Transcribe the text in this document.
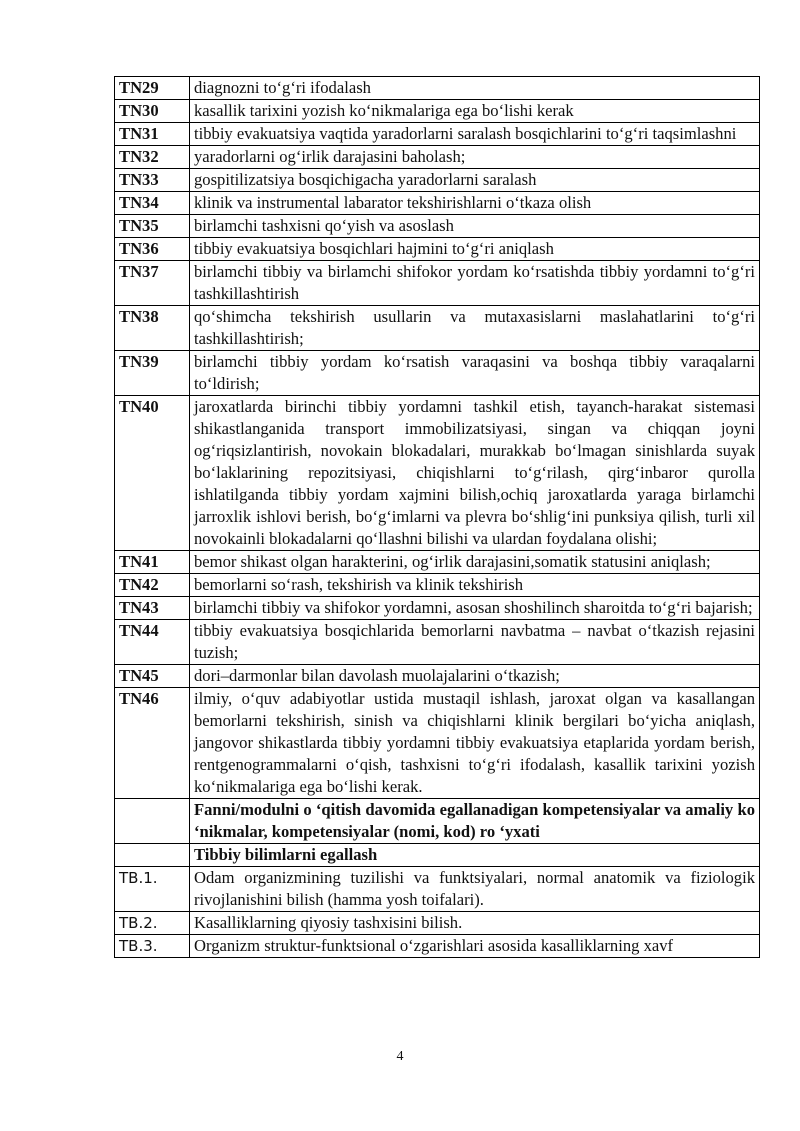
TN29	diagnozni to‘g‘ri ifodalash
TN30	kasallik tarixini yozish ko‘nikmalariga ega bo‘lishi kerak
TN31	tibbiy evakuatsiya vaqtida yaradorlarni saralash bosqichlarini to‘g‘ri taqsimlashni
TN32	yaradorlarni og‘irlik darajasini baholash;
TN33	gospitilizatsiya bosqichigacha yaradorlarni saralash
TN34	klinik va instrumental labarator tekshirishlarni o‘tkaza olish
TN35	birlamchi tashxisni qo‘yish va asoslash
TN36	tibbiy evakuatsiya bosqichlari hajmini to‘g‘ri aniqlash
TN37	birlamchi tibbiy va birlamchi shifokor yordam ko‘rsatishda tibbiy yordamni to‘g‘ri tashkillashtirish
TN38	qo‘shimcha tekshirish usullarin va mutaxasislarni maslahatlarini to‘g‘ri tashkillashtirish;
TN39	birlamchi tibbiy yordam ko‘rsatish varaqasini va boshqa tibbiy varaqalarni to‘ldirish;
TN40	jaroxatlarda birinchi tibbiy yordamni tashkil etish, tayanch-harakat sistemasi shikastlanganida transport immobilizatsiyasi, singan va chiqqan joyni og‘riqsizlantirish, novokain blokadalari, murakkab bo‘lmagan sinishlarda suyak bo‘laklarining repozitsiyasi, chiqishlarni to‘g‘rilash, qirg‘inbaror qurolla ishlatilganda tibbiy yordam xajmini bilish,ochiq jaroxatlarda yaraga birlamchi jarroxlik ishlovi berish, bo‘g‘imlarni va plevra bo‘shlig‘ini punksiya qilish, turli xil novokainli blokadalarni qo‘llashni bilishi va ulardan foydalana olishi;
TN41	bemor shikast olgan harakterini, og‘irlik darajasini,somatik statusini aniqlash;
TN42	bemorlarni so‘rash, tekshirish va klinik tekshirish
TN43	birlamchi tibbiy va shifokor yordamni, asosan shoshilinch sharoitda to‘g‘ri bajarish;
TN44	tibbiy evakuatsiya bosqichlarida bemorlarni navbatma – navbat o‘tkazish rejasini tuzish;
TN45	dori–darmonlar bilan davolash muolajalarini o‘tkazish;
TN46	ilmiy, o‘quv adabiyotlar ustida mustaqil ishlash, jaroxat olgan va kasallangan bemorlarni tekshirish, sinish va chiqishlarni klinik bergilari bo‘yicha aniqlash, jangovor shikastlarda tibbiy yordamni tibbiy evakuatsiya etaplarida yordam berish, rentgenogrammalarni o‘qish, tashxisni to‘g‘ri ifodalash, kasallik tarixini yozish ko‘nikmalariga ega bo‘lishi kerak.
	Fanni/modulni o ‘qitish davomida egallanadigan kompetensiyalar va amaliy ko ‘nikmalar, kompetensiyalar (nomi, kod) ro ‘yxati
	Tibbiy bilimlarni egallash
TB.1.	Odam organizmining tuzilishi va funktsiyalari, normal anatomik va fiziologik rivojlanishini bilish (hamma yosh toifalari).
TB.2.	Kasalliklarning qiyosiy tashxisini bilish.
TB.3.	Organizm struktur-funktsional o‘zgarishlari asosida kasalliklarning xavf
4
